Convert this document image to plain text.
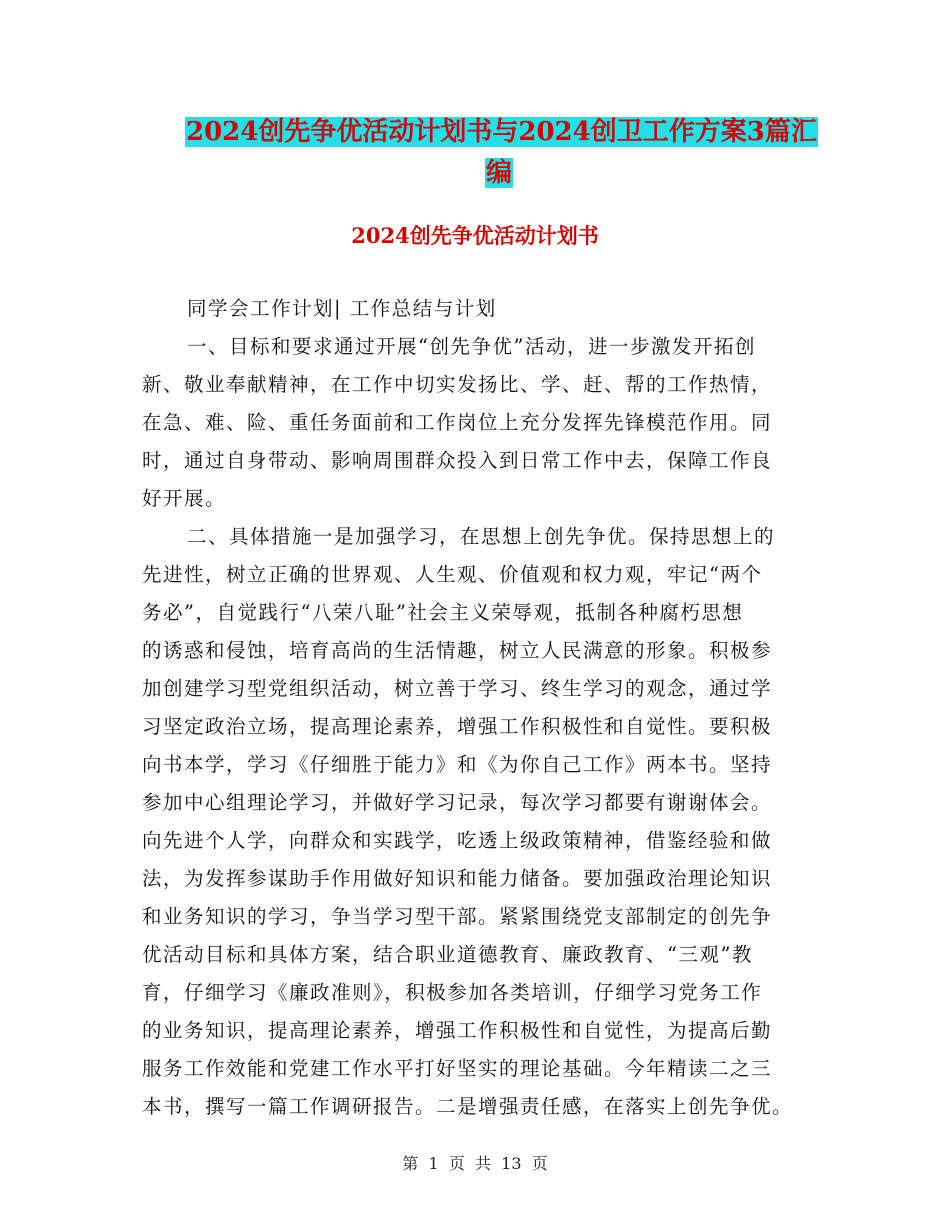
2024创先争优活动计划书与2024创卫工作方案3篇汇
编
2024创先争优活动计划书
同学会工作计划| 工作总结与计划
一、目标和要求通过开展“创先争优”活动，进一步激发开拓创
新、敬业奉献精神，在工作中切实发扬比、学、赶、帮的工作热情，
在急、难、险、重任务面前和工作岗位上充分发挥先锋模范作用。同
时，通过自身带动、影响周围群众投入到日常工作中去，保障工作良
好开展。
二、具体措施一是加强学习，在思想上创先争优。保持思想上的
先进性，树立正确的世界观、人生观、价值观和权力观，牢记“两个
务必”，自觉践行“八荣八耻”社会主义荣辱观，抵制各种腐朽思想
的诱惑和侵蚀，培育高尚的生活情趣，树立人民满意的形象。积极参
加创建学习型党组织活动，树立善于学习、终生学习的观念，通过学
习坚定政治立场，提高理论素养，增强工作积极性和自觉性。要积极
向书本学，学习《仔细胜于能力》和《为你自己工作》两本书。坚持
参加中心组理论学习，并做好学习记录，每次学习都要有谢谢体会。
向先进个人学，向群众和实践学，吃透上级政策精神，借鉴经验和做
法，为发挥参谋助手作用做好知识和能力储备。要加强政治理论知识
和业务知识的学习，争当学习型干部。紧紧围绕党支部制定的创先争
优活动目标和具体方案，结合职业道德教育、廉政教育、“三观”教
育，仔细学习《廉政准则》，积极参加各类培训，仔细学习党务工作
的业务知识，提高理论素养，增强工作积极性和自觉性，为提高后勤
服务工作效能和党建工作水平打好坚实的理论基础。今年精读二之三
本书，撰写一篇工作调研报告。二是增强责任感，在落实上创先争优。
第  1  页  共  13  页
